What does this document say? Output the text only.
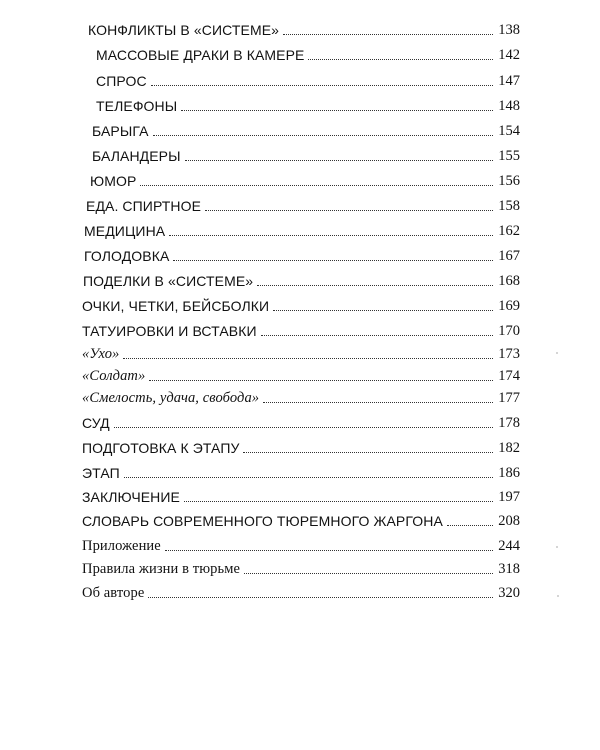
КОНФЛИКТЫ В «СИСТЕМЕ»	138
МАССОВЫЕ ДРАКИ В КАМЕРЕ	142
СПРОС	147
ТЕЛЕФОНЫ	148
БАРЫГА	154
БАЛАНДЕРЫ	155
ЮМОР	156
ЕДА. СПИРТНОЕ	158
МЕДИЦИНА	162
ГОЛОДОВКА	167
ПОДЕЛКИ В «СИСТЕМЕ»	168
ОЧКИ, ЧЕТКИ, БЕЙСБОЛКИ	169
ТАТУИРОВКИ И ВСТАВКИ	170
«Ухо»	173
«Солдат»	174
«Смелость, удача, свобода»	177
СУД	178
ПОДГОТОВКА К ЭТАПУ	182
ЭТАП	186
ЗАКЛЮЧЕНИЕ	197
СЛОВАРЬ СОВРЕМЕННОГО ТЮРЕМНОГО ЖАРГОНА	208
Приложение	244
Правила жизни в тюрьме	318
Об авторе	320
